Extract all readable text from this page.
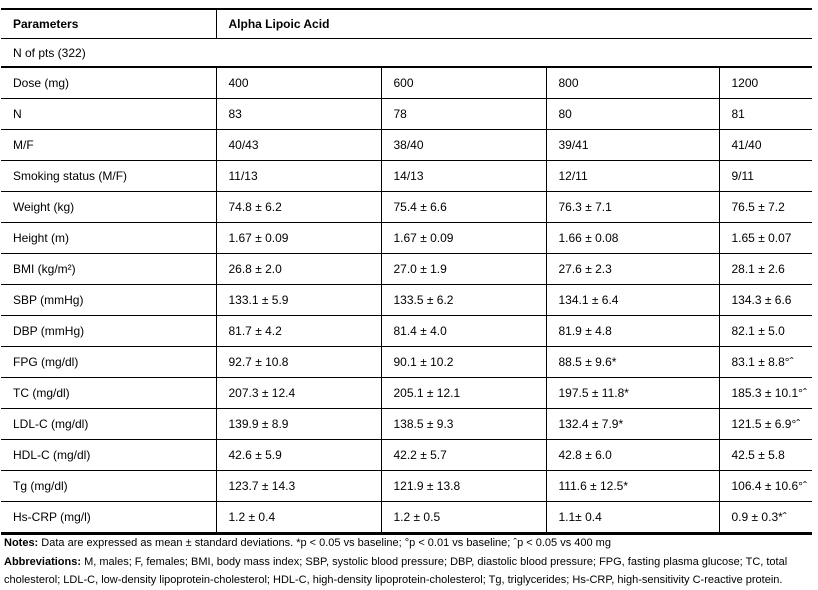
Parameters	Alpha Lipoic Acid			
N of pts (322)				
Dose (mg)	400	600	800	1200
N	83	78	80	81
M/F	40/43	38/40	39/41	41/40
Smoking status (M/F)	11/13	14/13	12/11	9/11
Weight (kg)	74.8 ± 6.2	75.4 ± 6.6	76.3 ± 7.1	76.5 ± 7.2
Height (m)	1.67 ± 0.09	1.67 ± 0.09	1.66 ± 0.08	1.65 ± 0.07
BMI (kg/m²)	26.8 ± 2.0	27.0 ± 1.9	27.6 ± 2.3	28.1 ± 2.6
SBP (mmHg)	133.1 ± 5.9	133.5 ± 6.2	134.1 ± 6.4	134.3 ± 6.6
DBP (mmHg)	81.7 ± 4.2	81.4 ± 4.0	81.9 ± 4.8	82.1 ± 5.0
FPG (mg/dl)	92.7 ± 10.8	90.1 ± 10.2	88.5 ± 9.6*	83.1 ± 8.8°ˆ
TC (mg/dl)	207.3 ± 12.4	205.1 ± 12.1	197.5 ± 11.8*	185.3 ± 10.1°ˆ
LDL-C (mg/dl)	139.9 ± 8.9	138.5 ± 9.3	132.4 ± 7.9*	121.5 ± 6.9°ˆ
HDL-C (mg/dl)	42.6 ± 5.9	42.2 ± 5.7	42.8 ± 6.0	42.5 ± 5.8
Tg (mg/dl)	123.7 ± 14.3	121.9 ± 13.8	111.6 ± 12.5*	106.4 ± 10.6°ˆ
Hs-CRP (mg/l)	1.2 ± 0.4	1.2 ± 0.5	1.1± 0.4	0.9 ± 0.3*ˆ
Notes: Data are expressed as mean ± standard deviations. *p < 0.05 vs baseline; °p < 0.01 vs baseline; ˆp < 0.05 vs 400 mg
Abbreviations: M, males; F, females; BMI, body mass index; SBP, systolic blood pressure; DBP, diastolic blood pressure; FPG, fasting plasma glucose; TC, total cholesterol; LDL-C, low-density lipoprotein-cholesterol; HDL-C, high-density lipoprotein-cholesterol; Tg, triglycerides; Hs-CRP, high-sensitivity C-reactive protein.
